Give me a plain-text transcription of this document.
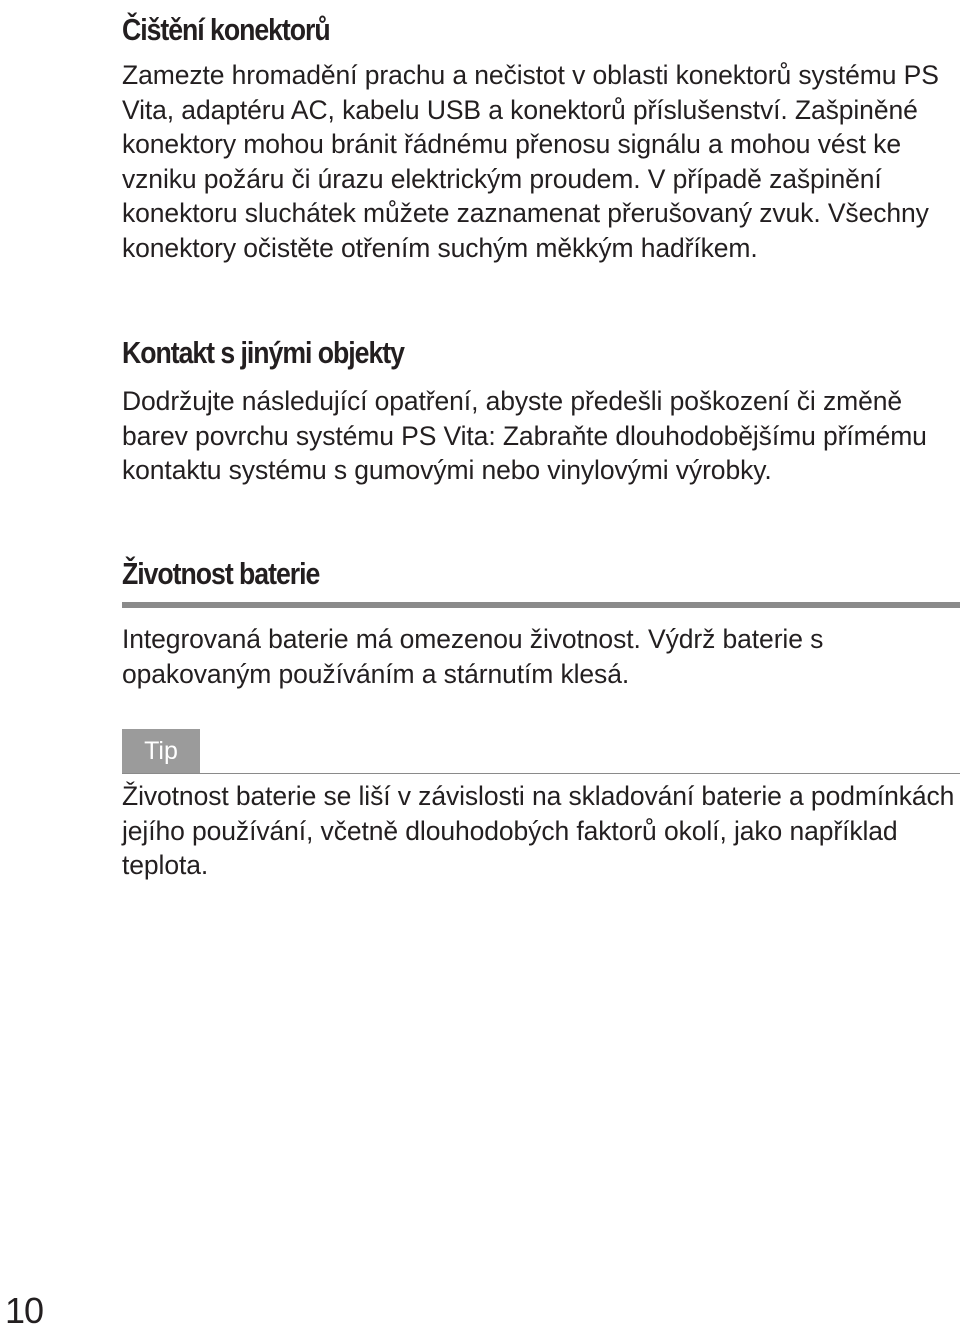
Čištění konektorů

Zamezte hromadění prachu a nečistot v oblasti konektorů systému PS Vita, adaptéru AC, kabelu USB a konektorů příslušenství. Zašpiněné konektory mohou bránit řádnému přenosu signálu a mohou vést ke vzniku požáru či úrazu elektrickým proudem. V případě zašpinění konektoru sluchátek můžete zaznamenat přerušovaný zvuk. Všechny konektory očistěte otřením suchým měkkým hadříkem.

Kontakt s jinými objekty

Dodržujte následující opatření, abyste předešli poškození či změně barev povrchu systému PS Vita: Zabraňte dlouhodobějšímu přímému kontaktu systému s gumovými nebo vinylovými výrobky.

Životnost baterie

Integrovaná baterie má omezenou životnost. Výdrž baterie s opakovaným používáním a stárnutím klesá.

Tip

Životnost baterie se liší v závislosti na skladování baterie a podmínkách jejího používání, včetně dlouhodobých faktorů okolí, jako například teplota.

10
